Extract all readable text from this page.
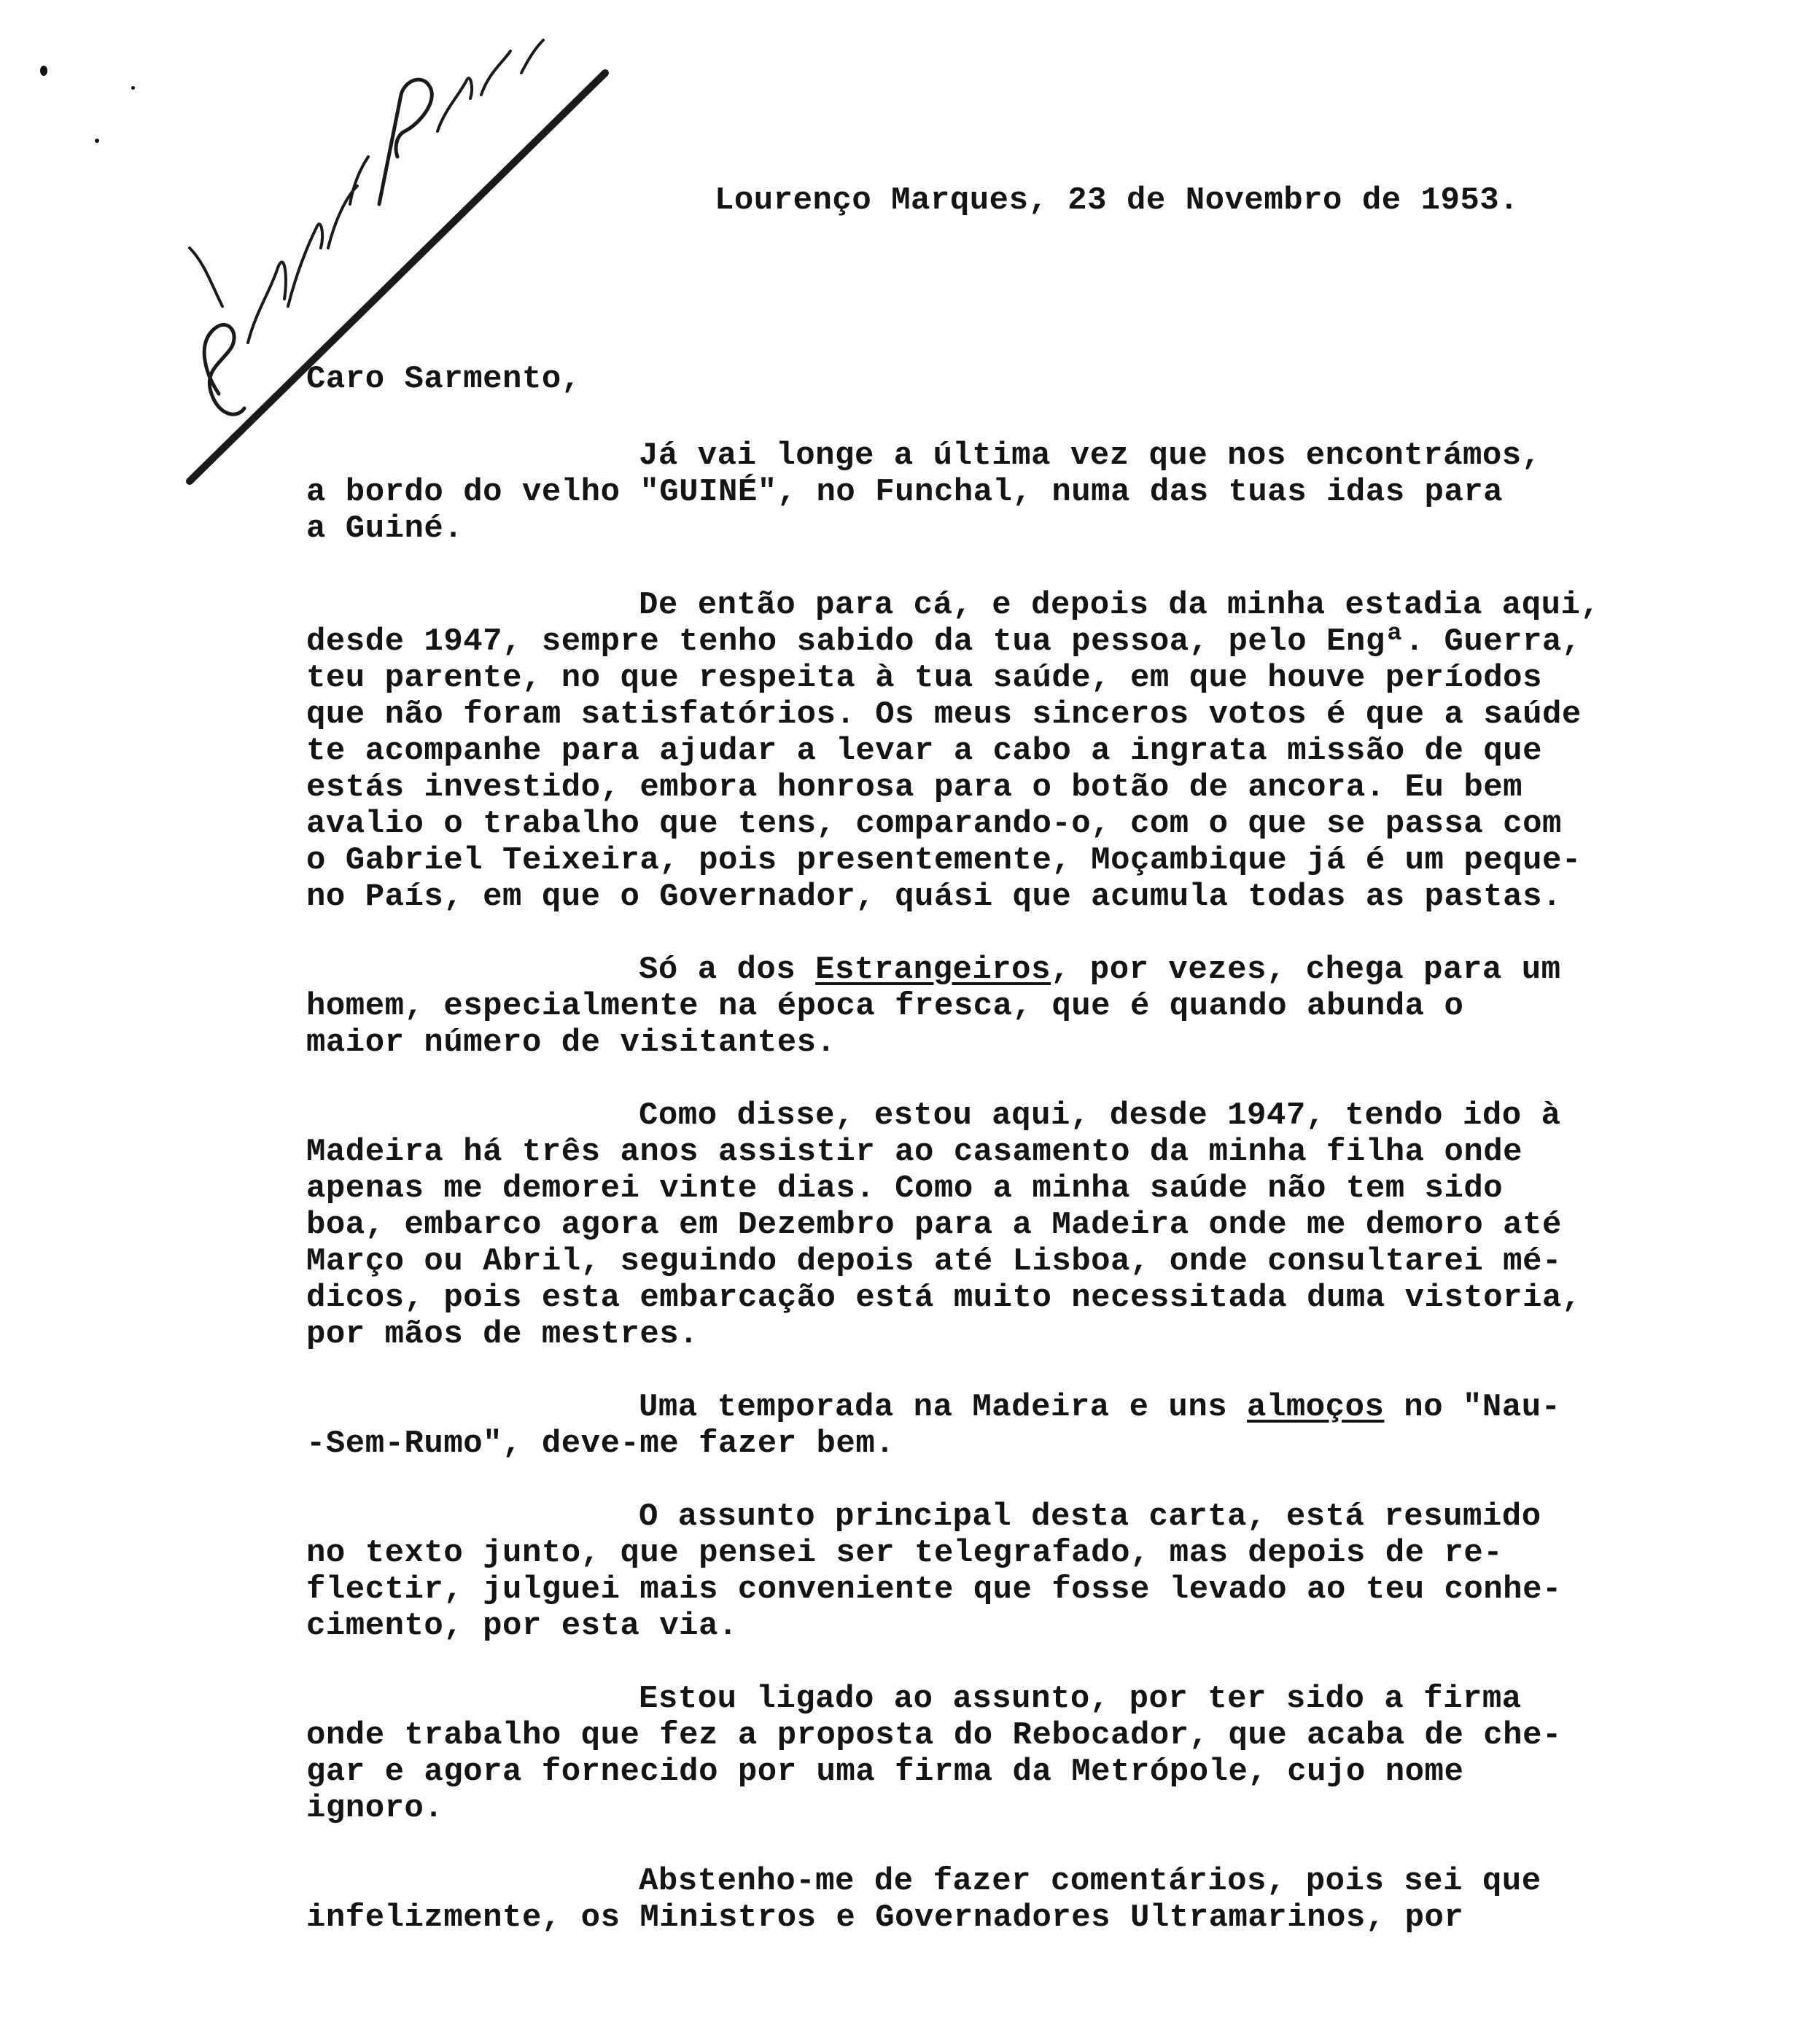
Lourenço Marques, 23 de Novembro de 1953.
Caro Sarmento,
Já vai longe a última vez que nos encontrámos,
a bordo do velho "GUINÉ", no Funchal, numa das tuas idas para
a Guiné.
De então para cá, e depois da minha estadia aqui,
desde 1947, sempre tenho sabido da tua pessoa, pelo Engª. Guerra,
teu parente, no que respeita à tua saúde, em que houve períodos
que não foram satisfatórios. Os meus sinceros votos é que a saúde
te acompanhe para ajudar a levar a cabo a ingrata missão de que
estás investido, embora honrosa para o botão de ancora. Eu bem
avalio o trabalho que tens, comparando-o, com o que se passa com
o Gabriel Teixeira, pois presentemente, Moçambique já é um peque-
no País, em que o Governador, quási que acumula todas as pastas.
Só a dos Estrangeiros, por vezes, chega para um
homem, especialmente na época fresca, que é quando abunda o
maior número de visitantes.
Como disse, estou aqui, desde 1947, tendo ido à
Madeira há três anos assistir ao casamento da minha filha onde
apenas me demorei vinte dias. Como a minha saúde não tem sido
boa, embarco agora em Dezembro para a Madeira onde me demoro até
Março ou Abril, seguindo depois até Lisboa, onde consultarei mé-
dicos, pois esta embarcação está muito necessitada duma vistoria,
por mãos de mestres.
Uma temporada na Madeira e uns almoços no "Nau-
-Sem-Rumo", deve-me fazer bem.
O assunto principal desta carta, está resumido
no texto junto, que pensei ser telegrafado, mas depois de re-
flectir, julguei mais conveniente que fosse levado ao teu conhe-
cimento, por esta via.
Estou ligado ao assunto, por ter sido a firma
onde trabalho que fez a proposta do Rebocador, que acaba de che-
gar e agora fornecido por uma firma da Metrópole, cujo nome
ignoro.
Abstenho-me de fazer comentários, pois sei que
infelizmente, os Ministros e Governadores Ultramarinos, por
